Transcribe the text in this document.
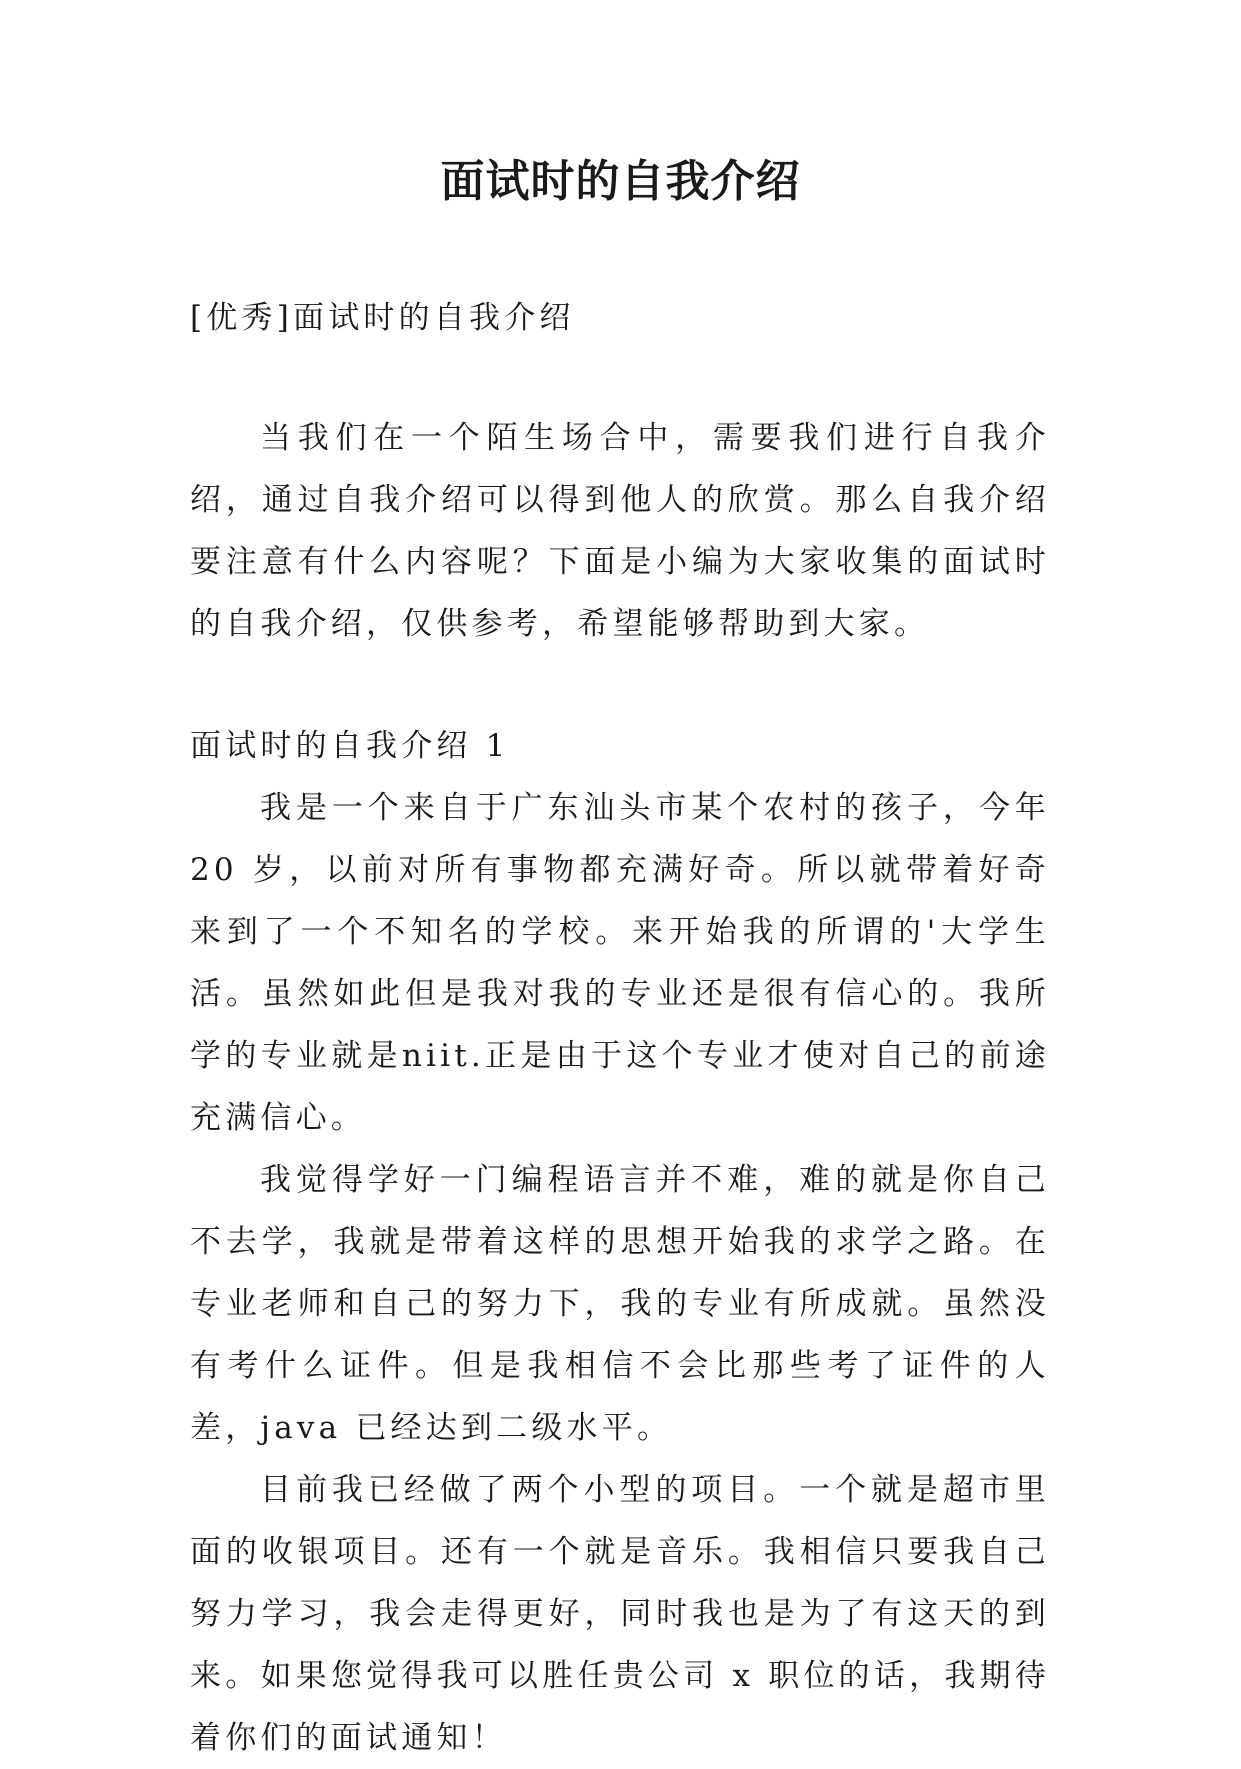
面试时的自我介绍

[优秀]面试时的自我介绍

当我们在一个陌生场合中，需要我们进行自我介绍，通过自我介绍可以得到他人的欣赏。那么自我介绍要注意有什么内容呢？下面是小编为大家收集的面试时的自我介绍，仅供参考，希望能够帮助到大家。

面试时的自我介绍 1

我是一个来自于广东汕头市某个农村的孩子，今年 20 岁，以前对所有事物都充满好奇。所以就带着好奇来到了一个不知名的学校。来开始我的所谓的'大学生活。虽然如此但是我对我的专业还是很有信心的。我所学的专业就是niit.正是由于这个专业才使对自己的前途充满信心。

我觉得学好一门编程语言并不难，难的就是你自己不去学，我就是带着这样的思想开始我的求学之路。在专业老师和自己的努力下，我的专业有所成就。虽然没有考什么证件。但是我相信不会比那些考了证件的人差，java 已经达到二级水平。

目前我已经做了两个小型的项目。一个就是超市里面的收银项目。还有一个就是音乐。我相信只要我自己努力学习，我会走得更好，同时我也是为了有这天的到来。如果您觉得我可以胜任贵公司 x 职位的话，我期待着你们的面试通知！
